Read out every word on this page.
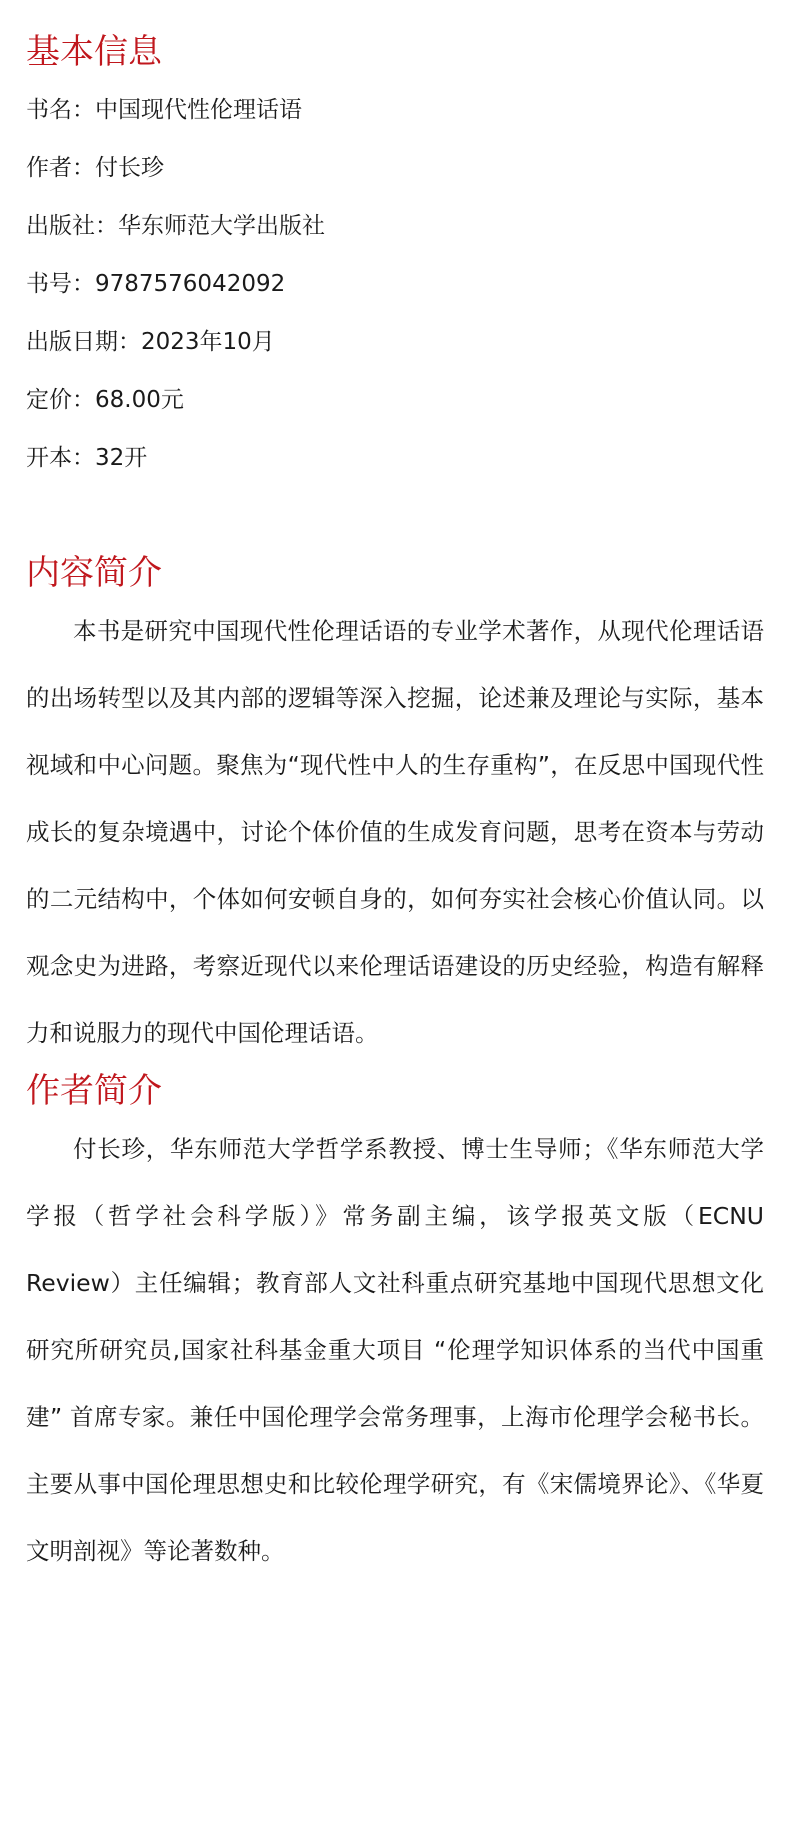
基本信息
书名：中国现代性伦理话语
作者：付长珍
出版社：华东师范大学出版社
书号：9787576042092
出版日期：2023年10月
定价：68.00元
开本：32开
内容简介

本书是研究中国现代性伦理话语的专业学术著作，从现代伦理话语的出场转型以及其内部的逻辑等深入挖掘，论述兼及理论与实际，基本视域和中心问题。聚焦为“现代性中人的生存重构”，在反思中国现代性成长的复杂境遇中，讨论个体价值的生成发育问题，思考在资本与劳动的二元结构中，个体如何安顿自身的，如何夯实社会核心价值认同。以观念史为进路，考察近现代以来伦理话语建设的历史经验，构造有解释力和说服力的现代中国伦理话语。

作者简介

付长珍，华东师范大学哲学系教授、博士生导师；《华东师范大学学报（哲学社会科学版）》常务副主编，该学报英文版（ECNU Review）主任编辑；教育部人文社科重点研究基地中国现代思想文化研究所研究员,国家社科基金重大项目 “伦理学知识体系的当代中国重建” 首席专家。兼任中国伦理学会常务理事，上海市伦理学会秘书长。主要从事中国伦理思想史和比较伦理学研究，有《宋儒境界论》、《华夏文明剖视》等论著数种。
